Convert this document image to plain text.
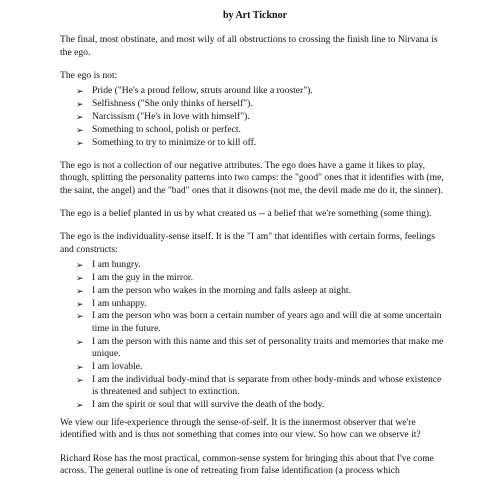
by Art Ticknor

The final, most obstinate, and most wily of all obstructions to crossing the finish line to Nirvana is the ego.

The ego is not:

➢ Pride ("He's a proud fellow, struts around like a rooster").
➢ Selfishness ("She only thinks of herself").
➢ Narcissism ("He's in love with himself").
➢ Something to school, polish or perfect.
➢ Something to try to minimize or to kill off.

The ego is not a collection of our negative attributes. The ego does have a game it likes to play, though, splitting the personality patterns into two camps: the "good" ones that it identifies with (me, the saint, the angel) and the "bad" ones that it disowns (not me, the devil made me do it, the sinner).

The ego is a belief planted in us by what created us -- a belief that we're something (some thing).

The ego is the individuality-sense itself. It is the "I am" that identifies with certain forms, feelings and constructs:

➢ I am hungry.
➢ I am the guy in the mirror.
➢ I am the person who wakes in the morning and falls asleep at night.
➢ I am unhappy.
➢ I am the person who was born a certain number of years ago and will die at some uncertain time in the future.
➢ I am the person with this name and this set of personality traits and memories that make me unique.
➢ I am lovable.
➢ I am the individual body-mind that is separate from other body-minds and whose existence is threatened and subject to extinction.
➢ I am the spirit or soul that will survive the death of the body.

We view our life-experience through the sense-of-self. It is the innermost observer that we're identified with and is thus not something that comes into our view. So how can we observe it?

Richard Rose has the most practical, common-sense system for bringing this about that I've come across. The general outline is one of retreating from false identification (a process which
